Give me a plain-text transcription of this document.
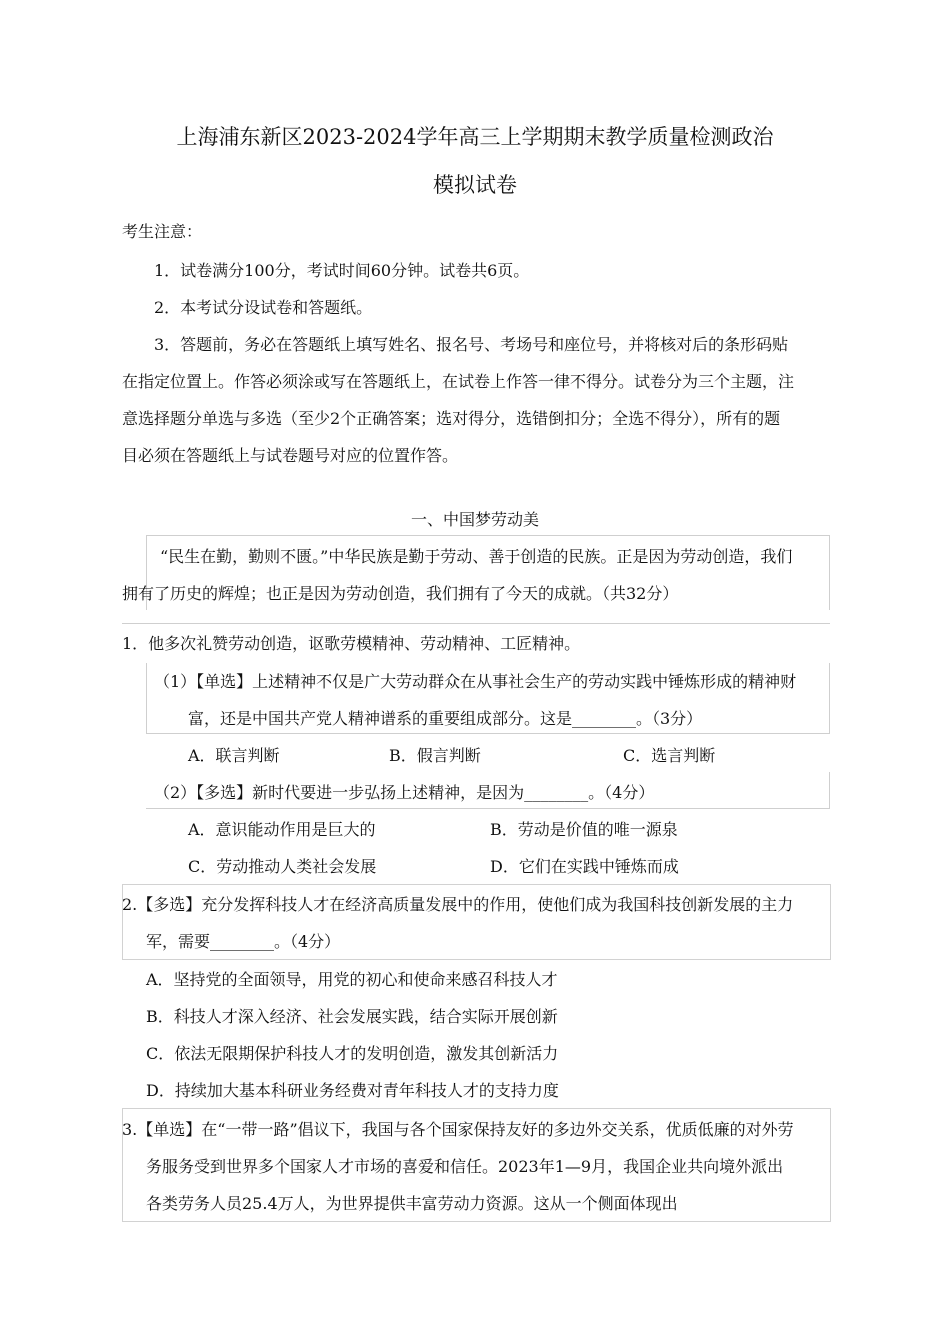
上海浦东新区2023-2024学年高三上学期期末教学质量检测政治
模拟试卷
考生注意：
1．试卷满分100分，考试时间60分钟。试卷共6页。
2．本考试分设试卷和答题纸。
3．答题前，务必在答题纸上填写姓名、报名号、考场号和座位号，并将核对后的条形码贴
在指定位置上。作答必须涂或写在答题纸上，在试卷上作答一律不得分。试卷分为三个主题，注
意选择题分单选与多选（至少2个正确答案；选对得分，选错倒扣分；全选不得分），所有的题
目必须在答题纸上与试卷题号对应的位置作答。
一、中国梦劳动美
“民生在勤，勤则不匮。”中华民族是勤于劳动、善于创造的民族。正是因为劳动创造，我们
拥有了历史的辉煌；也正是因为劳动创造，我们拥有了今天的成就。（共32分）
1．他多次礼赞劳动创造，讴歌劳模精神、劳动精神、工匠精神。
（1）【单选】上述精神不仅是广大劳动群众在从事社会生产的劳动实践中锤炼形成的精神财
富，还是中国共产党人精神谱系的重要组成部分。这是________。（3分）
A．联言判断	B．假言判断	C．选言判断
（2）【多选】新时代要进一步弘扬上述精神，是因为________。（4分）
A．意识能动作用是巨大的	B．劳动是价值的唯一源泉
C．劳动推动人类社会发展	D．它们在实践中锤炼而成
2.【多选】充分发挥科技人才在经济高质量发展中的作用，使他们成为我国科技创新发展的主力
军，需要________。（4分）
A．坚持党的全面领导，用党的初心和使命来感召科技人才
B．科技人才深入经济、社会发展实践，结合实际开展创新
C．依法无限期保护科技人才的发明创造，激发其创新活力
D．持续加大基本科研业务经费对青年科技人才的支持力度
3.【单选】在“一带一路”倡议下，我国与各个国家保持友好的多边外交关系，优质低廉的对外劳
务服务受到世界多个国家人才市场的喜爱和信任。2023年1—9月，我国企业共向境外派出
各类劳务人员25.4万人，为世界提供丰富劳动力资源。这从一个侧面体现出
